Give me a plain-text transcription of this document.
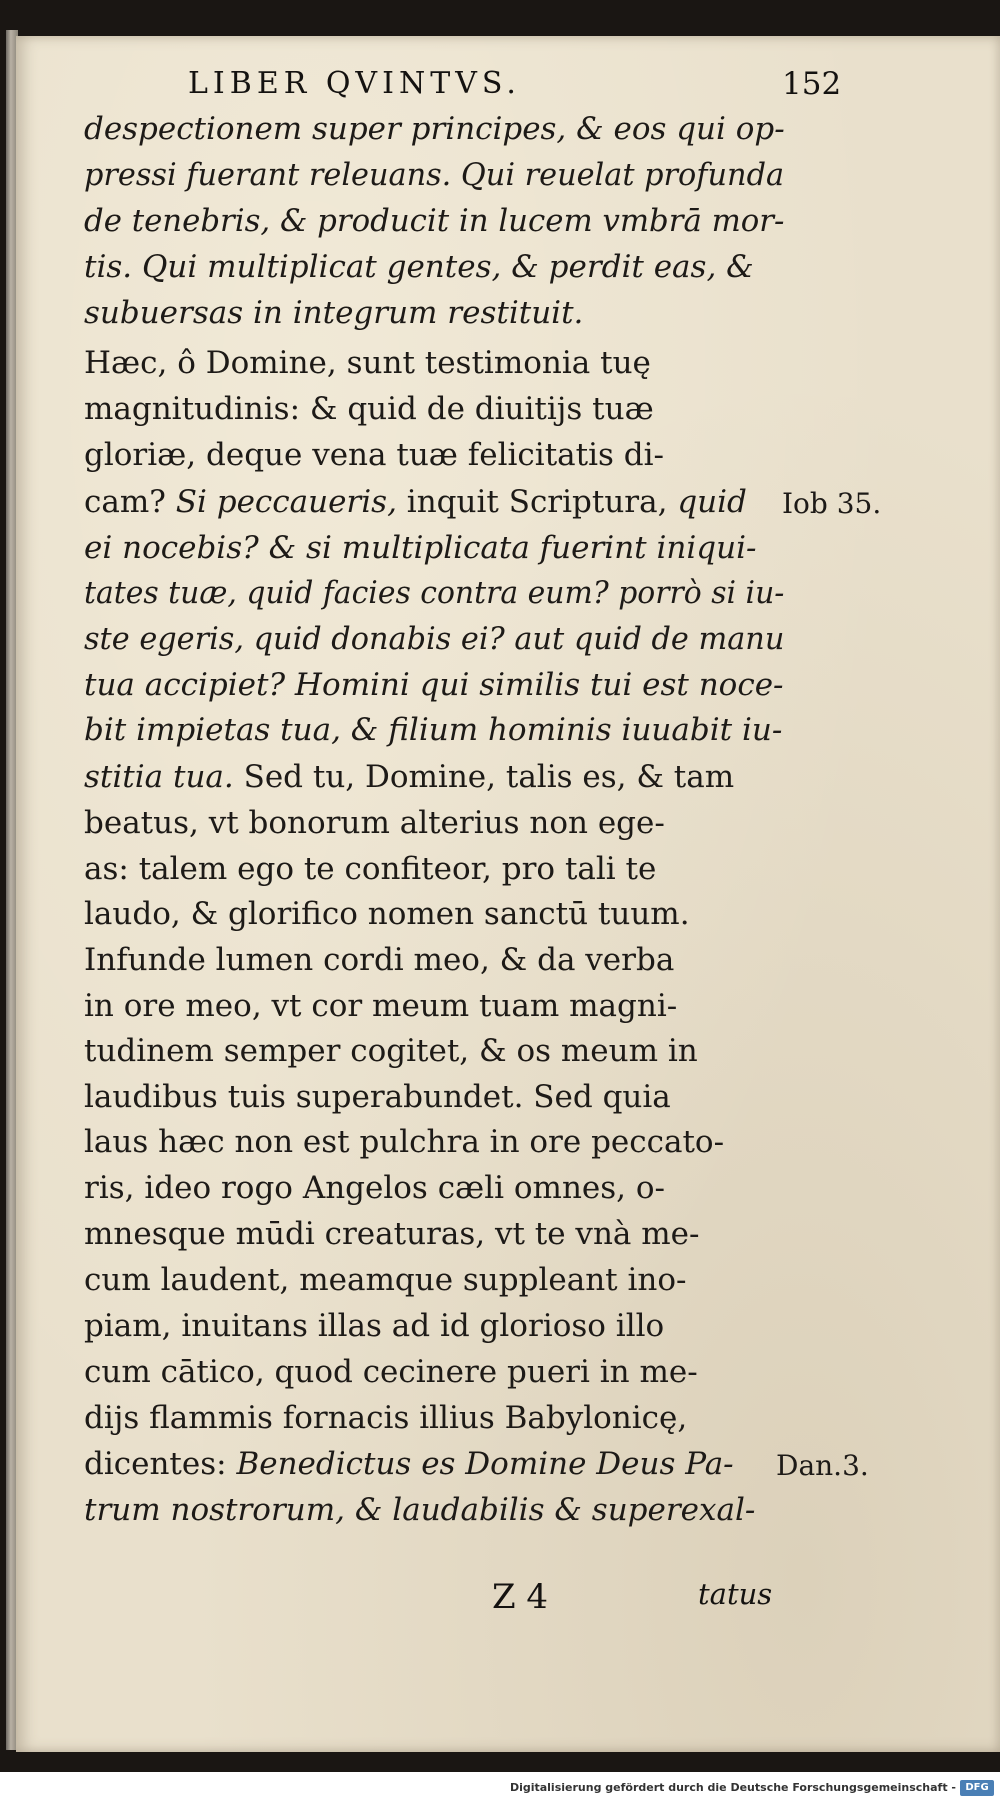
LIBER QVINTVS.	152
despectionem super principes, & eos qui op-
pressi fuerant releuans. Qui reuelat profunda
de tenebris, & producit in lucem vmbrā mor-
tis. Qui multiplicat gentes, & perdit eas, &
subuersas in integrum restituit.
Hæc, ô Domine, sunt testimonia tuę
magnitudinis: & quid de diuitijs tuæ
gloriæ, deque vena tuæ felicitatis di-
cam? Si peccaueris, inquit Scriptura, quid
ei nocebis? & si multiplicata fuerint iniqui-
tates tuæ, quid facies contra eum? porrò si iu-
ste egeris, quid donabis ei? aut quid de manu
tua accipiet? Homini qui similis tui est noce-
bit impietas tua, & filium hominis iuuabit iu-
stitia tua. Sed tu, Domine, talis es, & tam
beatus, vt bonorum alterius non ege-
as: talem ego te confiteor, pro tali te
laudo, & glorifico nomen sanctū tuum.
Infunde lumen cordi meo, & da verba
in ore meo, vt cor meum tuam magni-
tudinem semper cogitet, & os meum in
laudibus tuis superabundet. Sed quia
laus hæc non est pulchra in ore peccato-
ris, ideo rogo Angelos cæli omnes, o-
mnesque mūdi creaturas, vt te vnà me-
cum laudent, meamque suppleant ino-
piam, inuitans illas ad id glorioso illo
cum cātico, quod cecinere pueri in me-
dijs flammis fornacis illius Babylonicę,
dicentes: Benedictus es Domine Deus Pa-
trum nostrorum, & laudabilis & superexal-
Iob 35.
Dan.3.
Z 4	tatus
Digitalisierung gefördert durch die Deutsche Forschungsgemeinschaft - DFG
